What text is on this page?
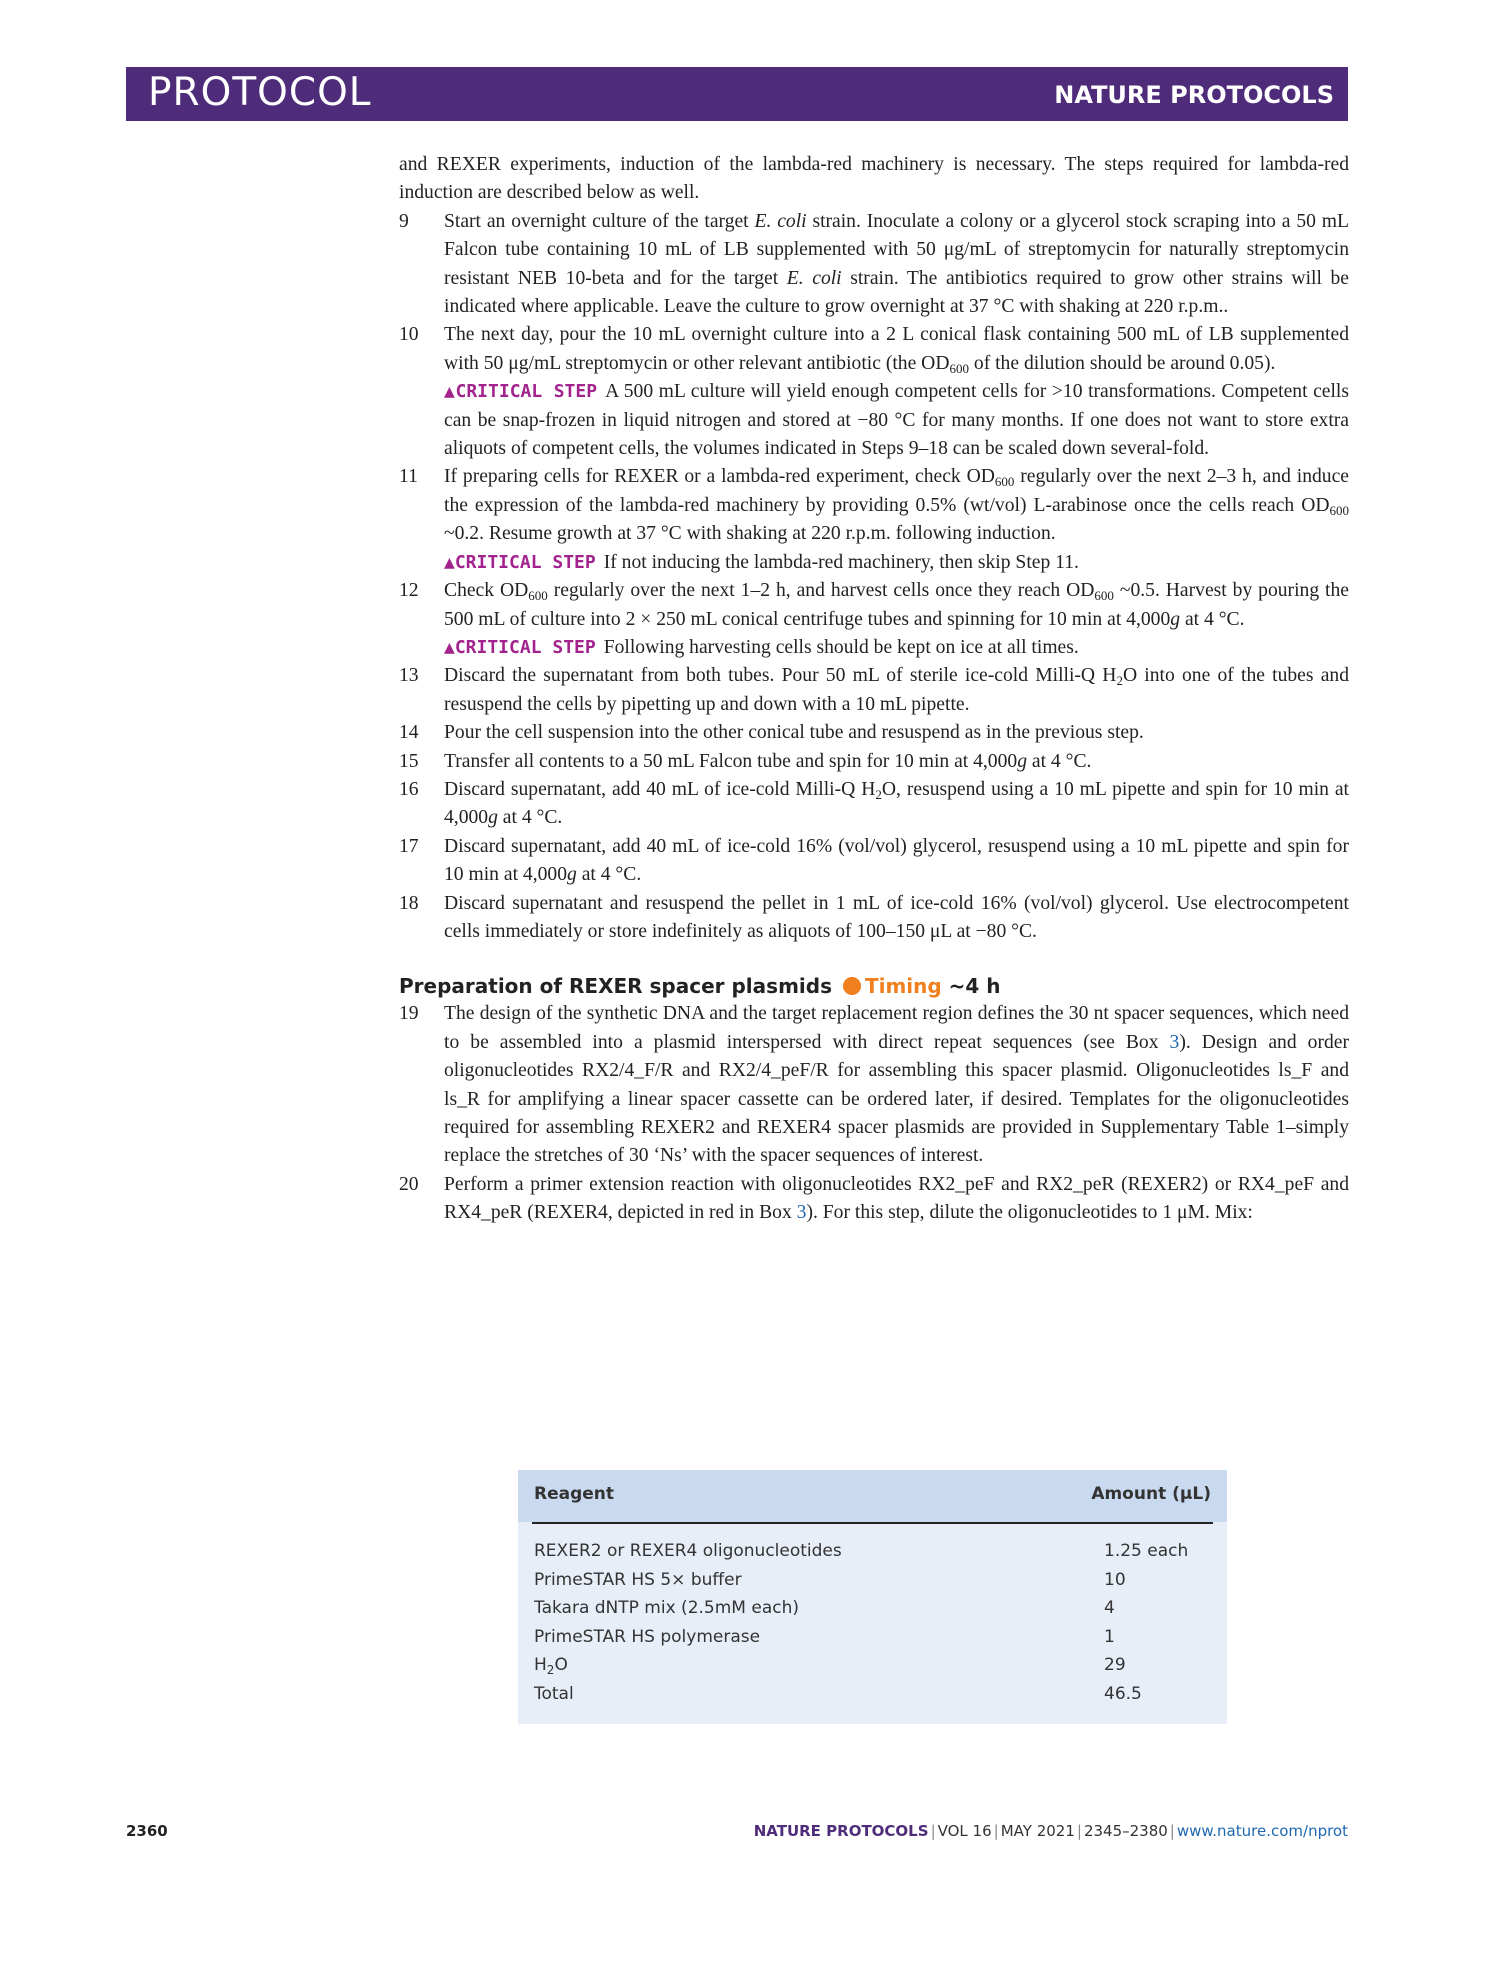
PROTOCOL	NATURE PROTOCOLS

and REXER experiments, induction of the lambda-red machinery is necessary. The steps required for lambda-red induction are described below as well.

9 Start an overnight culture of the target E. coli strain. Inoculate a colony or a glycerol stock scraping into a 50 mL Falcon tube containing 10 mL of LB supplemented with 50 μg/mL of streptomycin for naturally streptomycin resistant NEB 10-beta and for the target E. coli strain. The antibiotics required to grow other strains will be indicated where applicable. Leave the culture to grow overnight at 37 °C with shaking at 220 r.p.m..

10 The next day, pour the 10 mL overnight culture into a 2 L conical flask containing 500 mL of LB supplemented with 50 μg/mL streptomycin or other relevant antibiotic (the $OD_{600}$ of the dilution should be around 0.05).

▲CRITICAL STEP A 500 mL culture will yield enough competent cells for >10 transformations. Competent cells can be snap-frozen in liquid nitrogen and stored at −80 °C for many months. If one does not want to store extra aliquots of competent cells, the volumes indicated in Steps 9–18 can be scaled down several-fold.

11 If preparing cells for REXER or a lambda-red experiment, check $OD_{600}$ regularly over the next 2–3 h, and induce the expression of the lambda-red machinery by providing 0.5% (wt/vol) L-arabinose once the cells reach $OD_{600}$ ~0.2. Resume growth at 37 °C with shaking at 220 r.p.m. following induction.

▲CRITICAL STEP If not inducing the lambda-red machinery, then skip Step 11.

12 Check $OD_{600}$ regularly over the next 1–2 h, and harvest cells once they reach $OD_{600}$ ~0.5. Harvest by pouring the 500 mL of culture into 2 × 250 mL conical centrifuge tubes and spinning for 10 min at 4,000g at 4 °C.

▲CRITICAL STEP Following harvesting cells should be kept on ice at all times.

13 Discard the supernatant from both tubes. Pour 50 mL of sterile ice-cold Milli-Q $H_2O$ into one of the tubes and resuspend the cells by pipetting up and down with a 10 mL pipette.

14 Pour the cell suspension into the other conical tube and resuspend as in the previous step.

15 Transfer all contents to a 50 mL Falcon tube and spin for 10 min at 4,000g at 4 °C.

16 Discard supernatant, add 40 mL of ice-cold Milli-Q $H_2O$, resuspend using a 10 mL pipette and spin for 10 min at 4,000g at 4 °C.

17 Discard supernatant, add 40 mL of ice-cold 16% (vol/vol) glycerol, resuspend using a 10 mL pipette and spin for 10 min at 4,000g at 4 °C.

18 Discard supernatant and resuspend the pellet in 1 mL of ice-cold 16% (vol/vol) glycerol. Use electrocompetent cells immediately or store indefinitely as aliquots of 100–150 μL at −80 °C.

Preparation of REXER spacer plasmids Timing ~4 h

19 The design of the synthetic DNA and the target replacement region defines the 30 nt spacer sequences, which need to be assembled into a plasmid interspersed with direct repeat sequences (see Box 3). Design and order oligonucleotides RX2/4_F/R and RX2/4_peF/R for assembling this spacer plasmid. Oligonucleotides ls_F and ls_R for amplifying a linear spacer cassette can be ordered later, if desired. Templates for the oligonucleotides required for assembling REXER2 and REXER4 spacer plasmids are provided in Supplementary Table 1–simply replace the stretches of 30 ‘Ns’ with the spacer sequences of interest.

20 Perform a primer extension reaction with oligonucleotides RX2_peF and RX2_peR (REXER2) or RX4_peF and RX4_peR (REXER4, depicted in red in Box 3). For this step, dilute the oligonucleotides to 1 μM. Mix:

Reagent	Amount (μL)
REXER2 or REXER4 oligonucleotides	1.25 each
PrimeSTAR HS 5× buffer	10
Takara dNTP mix (2.5mM each)	4
PrimeSTAR HS polymerase	1
$H_2O$	29
Total	46.5
2360	NATURE PROTOCOLS | VOL 16 | MAY 2021 | 2345–2380 | www.nature.com/nprot
